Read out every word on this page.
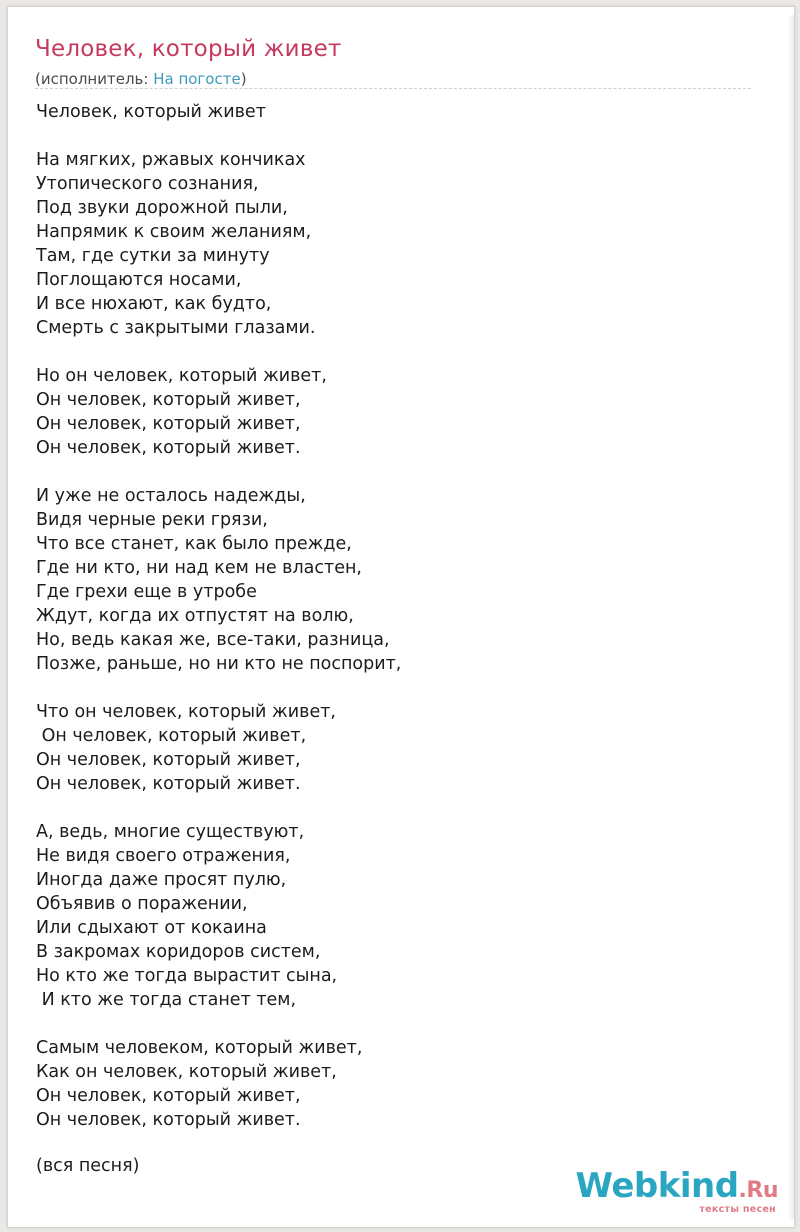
Человек, который живет
(исполнитель: На погосте)
Человек, который живет

На мягких, ржавых кончиках
Утопического сознания,
Под звуки дорожной пыли,
Напрямик к своим желаниям,
Там, где сутки за минуту
Поглощаются носами,
И все нюхают, как будто,
Смерть с закрытыми глазами.

Но он человек, который живет,
Он человек, который живет,
Он человек, который живет,
Он человек, который живет.

И уже не осталось надежды,
Видя черные реки грязи,
Что все станет, как было прежде,
Где ни кто, ни над кем не властен,
Где грехи еще в утробе
Ждут, когда их отпустят на волю,
Но, ведь какая же, все-таки, разница,
Позже, раньше, но ни кто не поспорит,

Что он человек, который живет,
Он человек, который живет,
Он человек, который живет,
Он человек, который живет.

А, ведь, многие существуют,
Не видя своего отражения,
Иногда даже просят пулю,
Объявив о поражении,
Или сдыхают от кокаина
В закромах коридоров систем,
Но кто же тогда вырастит сына,
И кто же тогда станет тем,

Самым человеком, который живет,
Как он человек, который живет,
Он человек, который живет,
Он человек, который живет.
(вся песня)	Webkind.Ru
тексты песен
